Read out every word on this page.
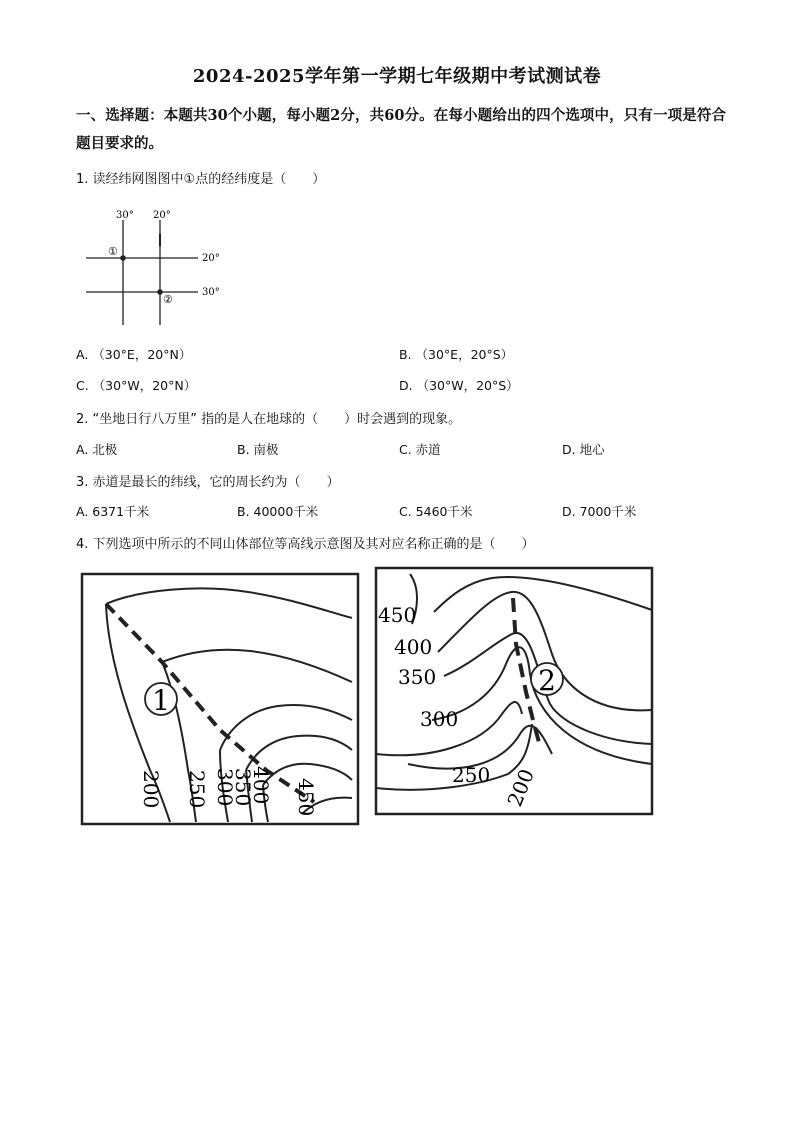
2024-2025学年第一学期七年级期中考试测试卷
一、选择题：本题共30个小题，每小题2分，共60分。在每小题给出的四个选项中，只有一项是符合题目要求的。
1. 读经纬网图图中①点的经纬度是（　　）
30° 20°
20°
30°
①
②
A. （30°E，20°N）	B. （30°E，20°S）
C. （30°W，20°N）	D. （30°W，20°S）
2. “坐地日行八万里” 指的是人在地球的（　　）时会遇到的现象。
A. 北极	B. 南极	C. 赤道	D. 地心
3. 赤道是最长的纬线，它的周长约为（　　）
A. 6371千米	B. 40000千米	C. 5460千米	D. 7000千米
4. 下列选项中所示的不同山体部位等高线示意图及其对应名称正确的是（　　）
1
200 250 300
350
400 450
2
450
400
350
300
250 200
